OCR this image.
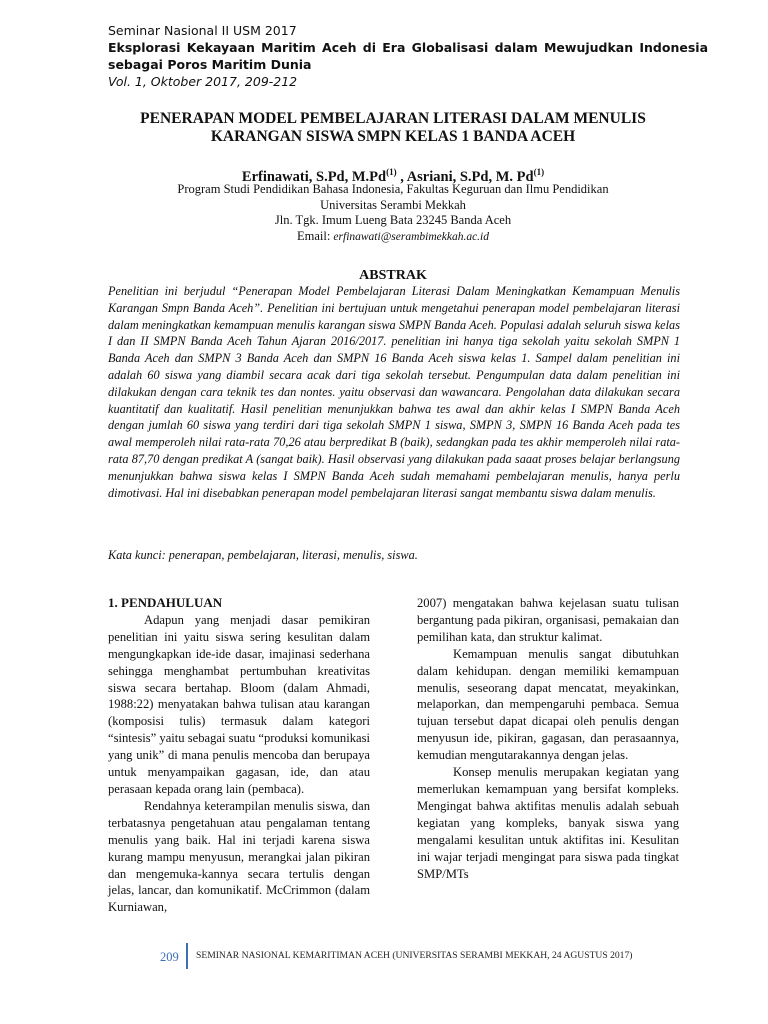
Seminar Nasional II USM 2017
Eksplorasi Kekayaan Maritim Aceh di Era Globalisasi dalam Mewujudkan Indonesia sebagai Poros Maritim Dunia
Vol. 1, Oktober 2017, 209-212
PENERAPAN MODEL PEMBELAJARAN LITERASI DALAM MENULIS
KARANGAN SISWA SMPN KELAS 1 BANDA ACEH
Erfinawati, S.Pd, M.Pd$^{(1)}$ , Asriani, S.Pd, M. Pd$^{(1)}$
Program Studi Pendidikan Bahasa Indonesia, Fakultas Keguruan dan Ilmu Pendidikan
Universitas Serambi Mekkah
Jln. Tgk. Imum Lueng Bata 23245 Banda Aceh
Email: erfinawati@serambimekkah.ac.id
ABSTRAK
Penelitian ini berjudul “Penerapan Model Pembelajaran Literasi Dalam Meningkatkan Kemampuan Menulis Karangan Smpn Banda Aceh”. Penelitian ini bertujuan untuk mengetahui penerapan model pembelajaran literasi dalam meningkatkan kemampuan menulis karangan siswa SMPN Banda Aceh. Populasi adalah seluruh siswa kelas I dan II SMPN Banda Aceh Tahun Ajaran 2016/2017. penelitian ini hanya tiga sekolah yaitu sekolah SMPN 1 Banda Aceh dan SMPN 3 Banda Aceh dan SMPN 16 Banda Aceh siswa kelas 1. Sampel dalam penelitian ini adalah 60 siswa yang diambil secara acak dari tiga sekolah tersebut. Pengumpulan data dalam penelitian ini dilakukan dengan cara teknik tes dan nontes. yaitu observasi dan wawancara. Pengolahan data dilakukan secara kuantitatif dan kualitatif. Hasil penelitian menunjukkan bahwa tes awal dan akhir kelas I SMPN Banda Aceh dengan jumlah 60 siswa yang terdiri dari tiga sekolah SMPN 1 siswa, SMPN 3, SMPN 16 Banda Aceh pada tes awal memperoleh nilai rata-rata 70,26 atau berpredikat B (baik), sedangkan pada tes akhir memperoleh nilai rata-rata 87,70 dengan predikat A (sangat baik). Hasil observasi yang dilakukan pada saaat proses belajar berlangsung menunjukkan bahwa siswa kelas I SMPN Banda Aceh sudah memahami pembelajaran menulis, hanya perlu dimotivasi. Hal ini disebabkan penerapan model pembelajaran literasi sangat membantu siswa dalam menulis.
Kata kunci: penerapan, pembelajaran, literasi, menulis, siswa.

1. PENDAHULUAN

Adapun yang menjadi dasar pemikiran penelitian ini yaitu siswa sering kesulitan dalam mengungkapkan ide-ide dasar, imajinasi sederhana sehingga menghambat pertumbuhan kreativitas siswa secara bertahap. Bloom (dalam Ahmadi, 1988:22) menyatakan bahwa tulisan atau karangan (komposisi tulis) termasuk dalam kategori “sintesis” yaitu sebagai suatu “produksi komunikasi yang unik” di mana penulis mencoba dan berupaya untuk menyampaikan gagasan, ide, dan atau perasaan kepada orang lain (pembaca).

Rendahnya keterampilan menulis siswa, dan terbatasnya pengetahuan atau pengalaman tentang menulis yang baik. Hal ini terjadi karena siswa kurang mampu menyusun, merangkai jalan pikiran dan mengemuka-kannya secara tertulis dengan jelas, lancar, dan komunikatif. McCrimmon (dalam Kurniawan,

2007) mengatakan bahwa kejelasan suatu tulisan bergantung pada pikiran, organisasi, pemakaian dan pemilihan kata, dan struktur kalimat.

Kemampuan menulis sangat dibutuhkan dalam kehidupan. dengan memiliki kemampuan menulis, seseorang dapat mencatat, meyakinkan, melaporkan, dan mempengaruhi pembaca. Semua tujuan tersebut dapat dicapai oleh penulis dengan menyusun ide, pikiran, gagasan, dan perasaannya, kemudian mengutarakannya dengan jelas.

Konsep menulis merupakan kegiatan yang memerlukan kemampuan yang bersifat kompleks. Mengingat bahwa aktifitas menulis adalah sebuah kegiatan yang kompleks, banyak siswa yang mengalami kesulitan untuk aktifitas ini. Kesulitan ini wajar terjadi mengingat para siswa pada tingkat SMP/MTs

209 SEMINAR NASIONAL KEMARITIMAN ACEH (UNIVERSITAS SERAMBI MEKKAH, 24 AGUSTUS 2017)
